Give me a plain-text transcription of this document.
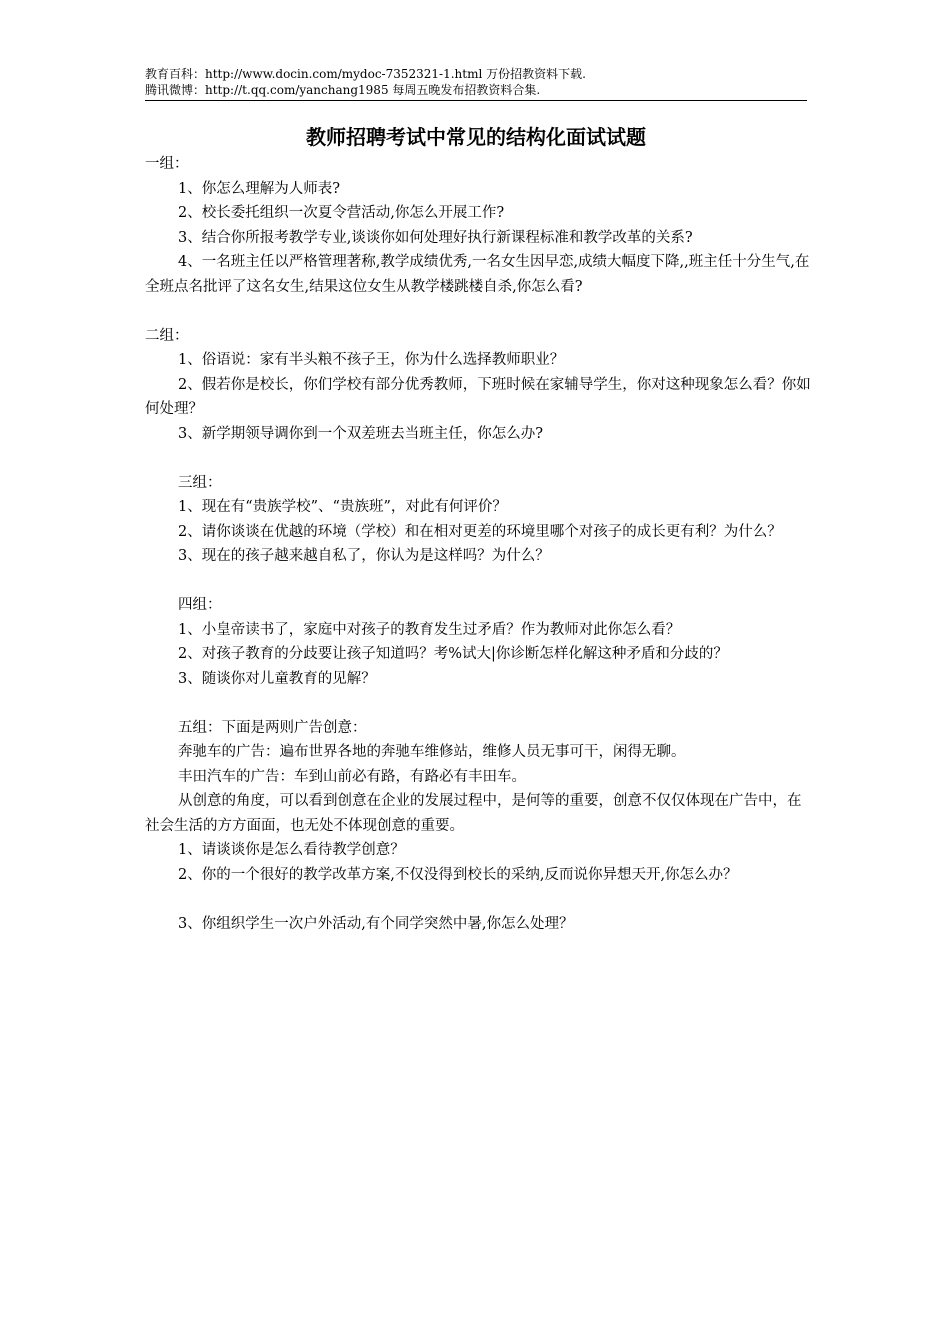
教育百科：http://www.docin.com/mydoc-7352321-1.html 万份招教资料下载.
腾讯微博：http://t.qq.com/yanchang1985 每周五晚发布招教资料合集.
教师招聘考试中常见的结构化面试试题

一组：

1、你怎么理解为人师表?

2、校长委托组织一次夏令营活动,你怎么开展工作?

3、结合你所报考教学专业,谈谈你如何处理好执行新课程标准和教学改革的关系?

4、一名班主任以严格管理著称,教学成绩优秀,一名女生因早恋,成绩大幅度下降,,班主任十分生气,在全班点名批评了这名女生,结果这位女生从教学楼跳楼自杀,你怎么看?

二组：

1、俗语说：家有半头粮不孩子王，你为什么选择教师职业？

2、假若你是校长，你们学校有部分优秀教师，下班时候在家辅导学生，你对这种现象怎么看？你如何处理？

3、新学期领导调你到一个双差班去当班主任，你怎么办?

三组：

1、现在有“贵族学校”、“贵族班”，对此有何评价？

2、请你谈谈在优越的环境（学校）和在相对更差的环境里哪个对孩子的成长更有利？为什么？

3、现在的孩子越来越自私了，你认为是这样吗？为什么？

四组：

1、小皇帝读书了，家庭中对孩子的教育发生过矛盾？作为教师对此你怎么看？

2、对孩子教育的分歧要让孩子知道吗？考%试大|你诊断怎样化解这种矛盾和分歧的？

3、随谈你对儿童教育的见解？

五组：下面是两则广告创意：

奔驰车的广告：遍布世界各地的奔驰车维修站，维修人员无事可干，闲得无聊。

丰田汽车的广告：车到山前必有路，有路必有丰田车。

从创意的角度，可以看到创意在企业的发展过程中，是何等的重要，创意不仅仅体现在广告中，在社会生活的方方面面，也无处不体现创意的重要。

1、请谈谈你是怎么看待教学创意？

2、你的一个很好的教学改革方案,不仅没得到校长的采纳,反而说你异想天开,你怎么办？

3、你组织学生一次户外活动,有个同学突然中暑,你怎么处理？
